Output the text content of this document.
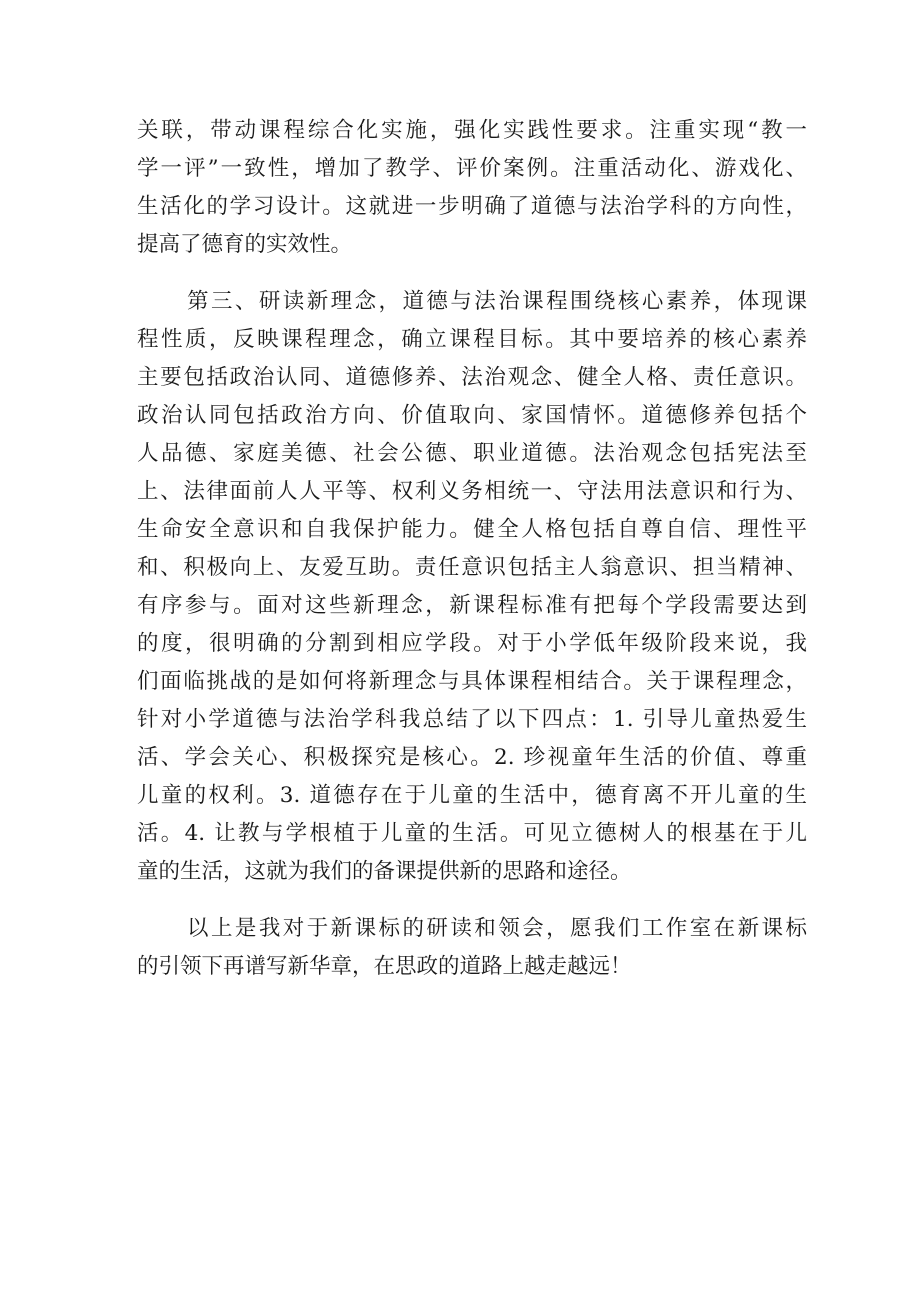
关联，带动课程综合化实施，强化实践性要求。注重实现“教一
学一评”一致性，增加了教学、评价案例。注重活动化、游戏化、
生活化的学习设计。这就进一步明确了道德与法治学科的方向性，
提高了德育的实效性。
第三、研读新理念，道德与法治课程围绕核心素养，体现课
程性质，反映课程理念，确立课程目标。其中要培养的核心素养
主要包括政治认同、道德修养、法治观念、健全人格、责任意识。
政治认同包括政治方向、价值取向、家国情怀。道德修养包括个
人品德、家庭美德、社会公德、职业道德。法治观念包括宪法至
上、法律面前人人平等、权利义务相统一、守法用法意识和行为、
生命安全意识和自我保护能力。健全人格包括自尊自信、理性平
和、积极向上、友爱互助。责任意识包括主人翁意识、担当精神、
有序参与。面对这些新理念，新课程标准有把每个学段需要达到
的度，很明确的分割到相应学段。对于小学低年级阶段来说，我
们面临挑战的是如何将新理念与具体课程相结合。关于课程理念，
针对小学道德与法治学科我总结了以下四点：1. 引导儿童热爱生
活、学会关心、积极探究是核心。2. 珍视童年生活的价值、尊重
儿童的权利。3. 道德存在于儿童的生活中，德育离不开儿童的生
活。4. 让教与学根植于儿童的生活。可见立德树人的根基在于儿
童的生活，这就为我们的备课提供新的思路和途径。
以上是我对于新课标的研读和领会，愿我们工作室在新课标
的引领下再谱写新华章，在思政的道路上越走越远！
